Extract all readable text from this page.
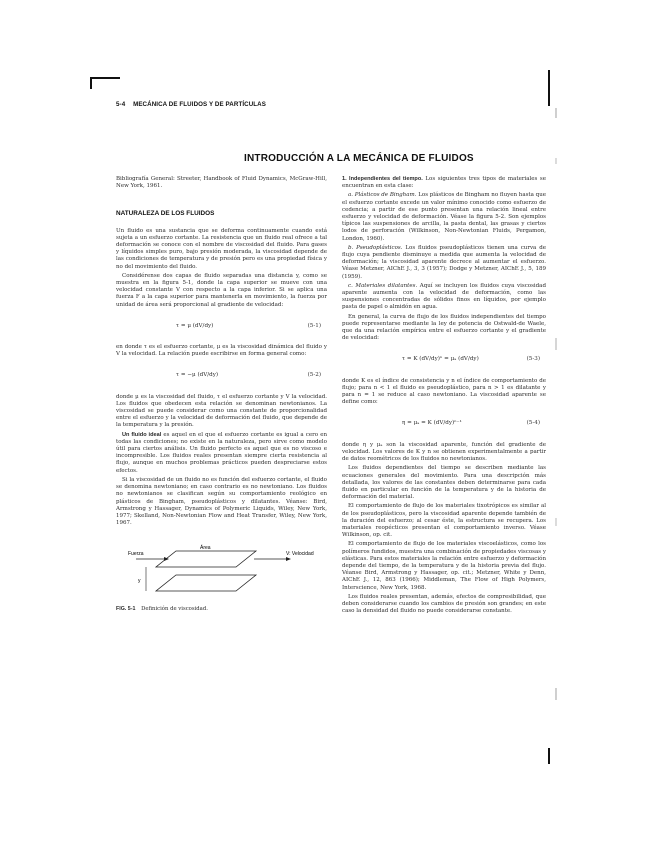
5-4 MECÁNICA DE FLUIDOS Y DE PARTÍCULAS
INTRODUCCIÓN A LA MECÁNICA DE FLUIDOS

Bibliografía General: Streeter, Handbook of Fluid Dynamics, McGraw-Hill, New York, 1961.

NATURALEZA DE LOS FLUIDOS

Un fluido es una sustancia que se deforma continuamente cuando está sujeta a un esfuerzo cortante. La resistencia que un fluido real ofrece a tal deformación se conoce con el nombre de viscosidad del fluido. Para gases y líquidos simples puro, bajo presión moderada, la viscosidad depende de las condiciones de temperatura y de presión pero es una propiedad física y no del movimiento del fluido.

Considérense dos capas de fluido separadas una distancia y, como se muestra en la figura 5-1, donde la capa superior se mueve con una velocidad constante V con respecto a la capa inferior. Si se aplica una fuerza F a la capa superior para mantenerla en movimiento, la fuerza por unidad de área será proporcional al gradiente de velocidad:

τ = μ (dV/dy)	(5-1)

en donde τ es el esfuerzo cortante, μ es la viscosidad dinámica del fluido y V la velocidad. La relación puede escribirse en forma general como:

τ = −μ (dV/dy)	(5-2)

donde μ es la viscosidad del fluido, τ el esfuerzo cortante y V la velocidad. Los fluidos que obedecen esta relación se denominan newtonianos. La viscosidad se puede considerar como una constante de proporcionalidad entre el esfuerzo y la velocidad de deformación del fluido, que depende de la temperatura y la presión.

Un fluido ideal es aquel en el que el esfuerzo cortante es igual a cero en todas las condiciones; no existe en la naturaleza, pero sirve como modelo útil para ciertos análisis. Un fluido perfecto es aquel que es no viscoso e incompresible. Los fluidos reales presentan siempre cierta resistencia al flujo, aunque en muchos problemas prácticos pueden despreciarse estos efectos.

Si la viscosidad de un fluido no es función del esfuerzo cortante, el fluido se denomina newtoniano; en caso contrario es no newtoniano. Los fluidos no newtonianos se clasifican según su comportamiento reológico en plásticos de Bingham, pseudoplásticos y dilatantes. Véanse: Bird, Armstrong y Hassager, Dynamics of Polymeric Liquids, Wiley, New York, 1977; Skelland, Non-Newtonian Flow and Heat Transfer, Wiley, New York, 1967.

Fuerza
Área
V: Velocidad
y
FIG. 5-1 Definición de viscosidad.

1. Independientes del tiempo. Los siguientes tres tipos de materiales se encuentran en esta clase:

a. Plásticos de Bingham. Los plásticos de Bingham no fluyen hasta que el esfuerzo cortante excede un valor mínimo conocido como esfuerzo de cedencia; a partir de ese punto presentan una relación lineal entre esfuerzo y velocidad de deformación. Véase la figura 5-2. Son ejemplos típicos las suspensiones de arcilla, la pasta dental, las grasas y ciertos lodos de perforación (Wilkinson, Non-Newtonian Fluids, Pergamon, London, 1960).

b. Pseudoplásticos. Los fluidos pseudoplásticos tienen una curva de flujo cuya pendiente disminuye a medida que aumenta la velocidad de deformación; la viscosidad aparente decrece al aumentar el esfuerzo. Véase Metzner, AIChE J., 3, 3 (1957); Dodge y Metzner, AIChE J., 5, 189 (1959).

c. Materiales dilatantes. Aquí se incluyen los fluidos cuya viscosidad aparente aumenta con la velocidad de deformación, como las suspensiones concentradas de sólidos finos en líquidos, por ejemplo pasta de papel o almidón en agua.

En general, la curva de flujo de los fluidos independientes del tiempo puede representarse mediante la ley de potencia de Ostwald-de Waele, que da una relación empírica entre el esfuerzo cortante y el gradiente de velocidad:

τ = K (dV/dy)ⁿ = μₐ (dV/dy)	(5-3)

donde K es el índice de consistencia y n el índice de comportamiento de flujo; para n < 1 el fluido es pseudoplástico, para n > 1 es dilatante y para n = 1 se reduce al caso newtoniano. La viscosidad aparente se define como:

η = μₐ = K (dV/dy)ⁿ⁻¹	(5-4)

donde η y μₐ son la viscosidad aparente, función del gradiente de velocidad. Los valores de K y n se obtienen experimentalmente a partir de datos reométricos de los fluidos no newtonianos.

Los fluidos dependientes del tiempo se describen mediante las ecuaciones generales del movimiento. Para una descripción más detallada, los valores de las constantes deben determinarse para cada fluido en particular en función de la temperatura y de la historia de deformación del material.

El comportamiento de flujo de los materiales tixotrópicos es similar al de los pseudoplásticos, pero la viscosidad aparente depende también de la duración del esfuerzo; al cesar éste, la estructura se recupera. Los materiales reopécticos presentan el comportamiento inverso. Véase Wilkinson, op. cit.

El comportamiento de flujo de los materiales viscoelásticos, como los polímeros fundidos, muestra una combinación de propiedades viscosas y elásticas. Para estos materiales la relación entre esfuerzo y deformación depende del tiempo, de la temperatura y de la historia previa del flujo. Véanse Bird, Armstrong y Hassager, op. cit.; Metzner, White y Denn, AIChE J., 12, 863 (1966); Middleman, The Flow of High Polymers, Interscience, New York, 1968.

Los fluidos reales presentan, además, efectos de compresibilidad, que deben considerarse cuando los cambios de presión son grandes; en este caso la densidad del fluido no puede considerarse constante.
